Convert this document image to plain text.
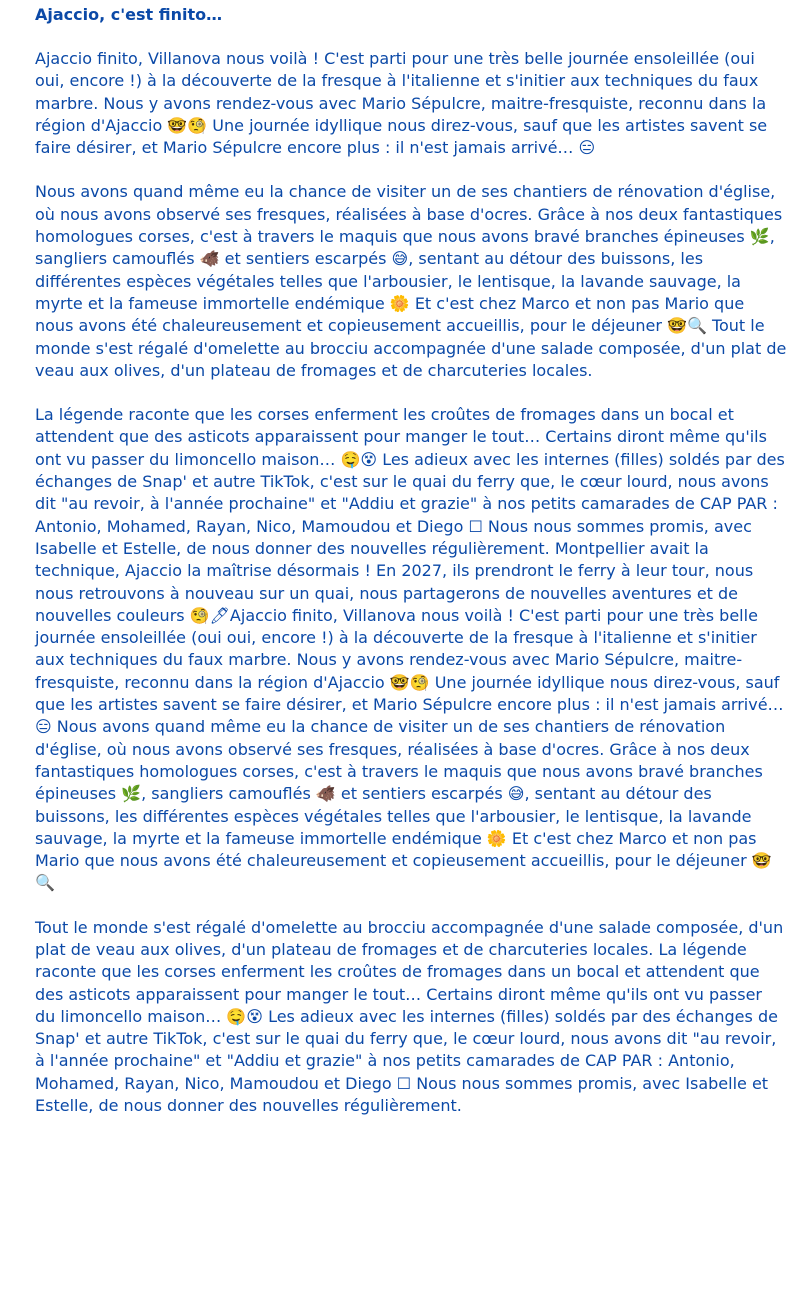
Ajaccio, c'est finito…

Ajaccio finito, Villanova nous voilà ! C'est parti pour une très belle journée ensoleillée (oui oui, encore !) à la découverte de la fresque à l'italienne et s'initier aux techniques du faux marbre. Nous y avons rendez-vous avec Mario Sépulcre, maitre-fresquiste, reconnu dans la région d'Ajaccio 🤓🧐 Une journée idyllique nous direz-vous, sauf que les artistes savent se faire désirer, et Mario Sépulcre encore plus : il n'est jamais arrivé… 😑

Nous avons quand même eu la chance de visiter un de ses chantiers de rénovation d'église, où nous avons observé ses fresques, réalisées à base d'ocres. Grâce à nos deux fantastiques homologues corses, c'est à travers le maquis que nous avons bravé branches épineuses 🌿, sangliers camouflés 🐗 et sentiers escarpés 😅, sentant au détour des buissons, les différentes espèces végétales telles que l'arbousier, le lentisque, la lavande sauvage, la myrte et la fameuse immortelle endémique 🌼 Et c'est chez Marco et non pas Mario que nous avons été chaleureusement et copieusement accueillis, pour le déjeuner 🤓🔍 Tout le monde s'est régalé d'omelette au brocciu accompagnée d'une salade composée, d'un plat de veau aux olives, d'un plateau de fromages et de charcuteries locales.

La légende raconte que les corses enferment les croûtes de fromages dans un bocal et attendent que des asticots apparaissent pour manger le tout… Certains diront même qu'ils ont vu passer du limoncello maison… 🤤😵 Les adieux avec les internes (filles) soldés par des échanges de Snap' et autre TikTok, c'est sur le quai du ferry que, le cœur lourd, nous avons dit "au revoir, à l'année prochaine" et "Addiu et grazie" à nos petits camarades de CAP PAR : Antonio, Mohamed, Rayan, Nico, Mamoudou et Diego ☐ Nous nous sommes promis, avec Isabelle et Estelle, de nous donner des nouvelles régulièrement. Montpellier avait la technique, Ajaccio la maîtrise désormais ! En 2027, ils prendront le ferry à leur tour, nous nous retrouvons à nouveau sur un quai, nous partagerons de nouvelles aventures et de nouvelles couleurs 🧐🖊Ajaccio finito, Villanova nous voilà ! C'est parti pour une très belle journée ensoleillée (oui oui, encore !) à la découverte de la fresque à l'italienne et s'initier aux techniques du faux marbre. Nous y avons rendez-vous avec Mario Sépulcre, maitre-fresquiste, reconnu dans la région d'Ajaccio 🤓🧐 Une journée idyllique nous direz-vous, sauf que les artistes savent se faire désirer, et Mario Sépulcre encore plus : il n'est jamais arrivé… 😑 Nous avons quand même eu la chance de visiter un de ses chantiers de rénovation d'église, où nous avons observé ses fresques, réalisées à base d'ocres. Grâce à nos deux fantastiques homologues corses, c'est à travers le maquis que nous avons bravé branches épineuses 🌿, sangliers camouflés 🐗 et sentiers escarpés 😅, sentant au détour des buissons, les différentes espèces végétales telles que l'arbousier, le lentisque, la lavande sauvage, la myrte et la fameuse immortelle endémique 🌼 Et c'est chez Marco et non pas Mario que nous avons été chaleureusement et copieusement accueillis, pour le déjeuner 🤓🔍

Tout le monde s'est régalé d'omelette au brocciu accompagnée d'une salade composée, d'un plat de veau aux olives, d'un plateau de fromages et de charcuteries locales. La légende raconte que les corses enferment les croûtes de fromages dans un bocal et attendent que des asticots apparaissent pour manger le tout… Certains diront même qu'ils ont vu passer du limoncello maison… 🤤😵 Les adieux avec les internes (filles) soldés par des échanges de Snap' et autre TikTok, c'est sur le quai du ferry que, le cœur lourd, nous avons dit "au revoir, à l'année prochaine" et "Addiu et grazie" à nos petits camarades de CAP PAR : Antonio, Mohamed, Rayan, Nico, Mamoudou et Diego ☐ Nous nous sommes promis, avec Isabelle et Estelle, de nous donner des nouvelles régulièrement.
